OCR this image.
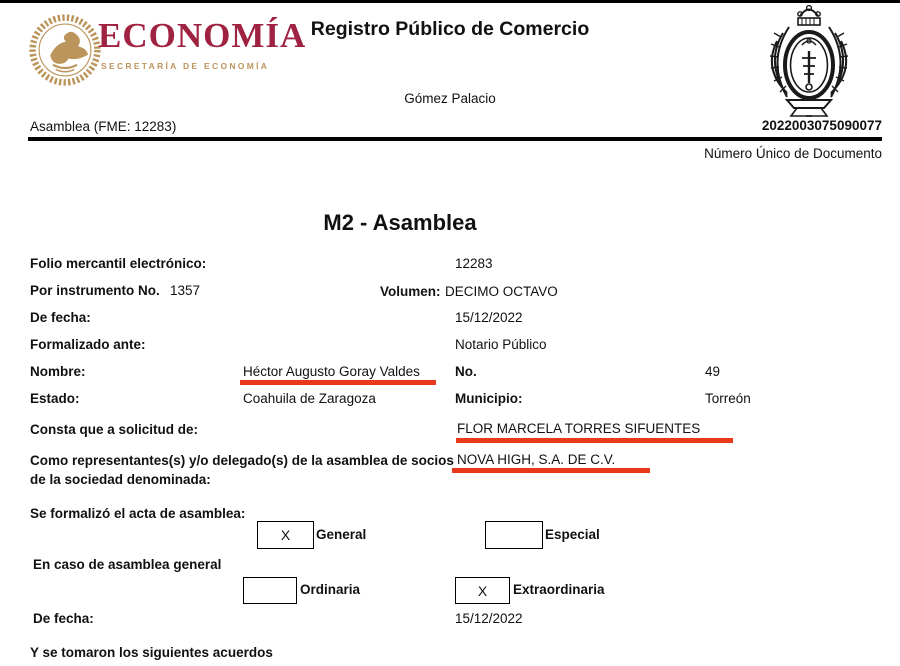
ECONOMÍA
SECRETARÍA DE ECONOMÍA
Registro Público de Comercio
Gómez Palacio
Asamblea (FME: 12283)	2022003075090077
Número Único de Documento
M2 - Asamblea
Folio mercantil electrónico:	12283
Por instrumento No. 1357	Volumen: DECIMO OCTAVO
De fecha:	15/12/2022
Formalizado ante:	Notario Público
Nombre:	Héctor Augusto Goray Valdes	No.	49
Estado:	Coahuila de Zaragoza	Municipio:	Torreón
Consta que a solicitud de:	FLOR MARCELA TORRES SIFUENTES
Como representantes(s) y/o delegado(s) de la asamblea de socios de la sociedad denominada:
NOVA HIGH, S.A. DE C.V.
Se formalizó el acta de asamblea:
X General	Especial
En caso de asamblea general
Ordinaria	X Extraordinaria
De fecha:	15/12/2022
Y se tomaron los siguientes acuerdos
